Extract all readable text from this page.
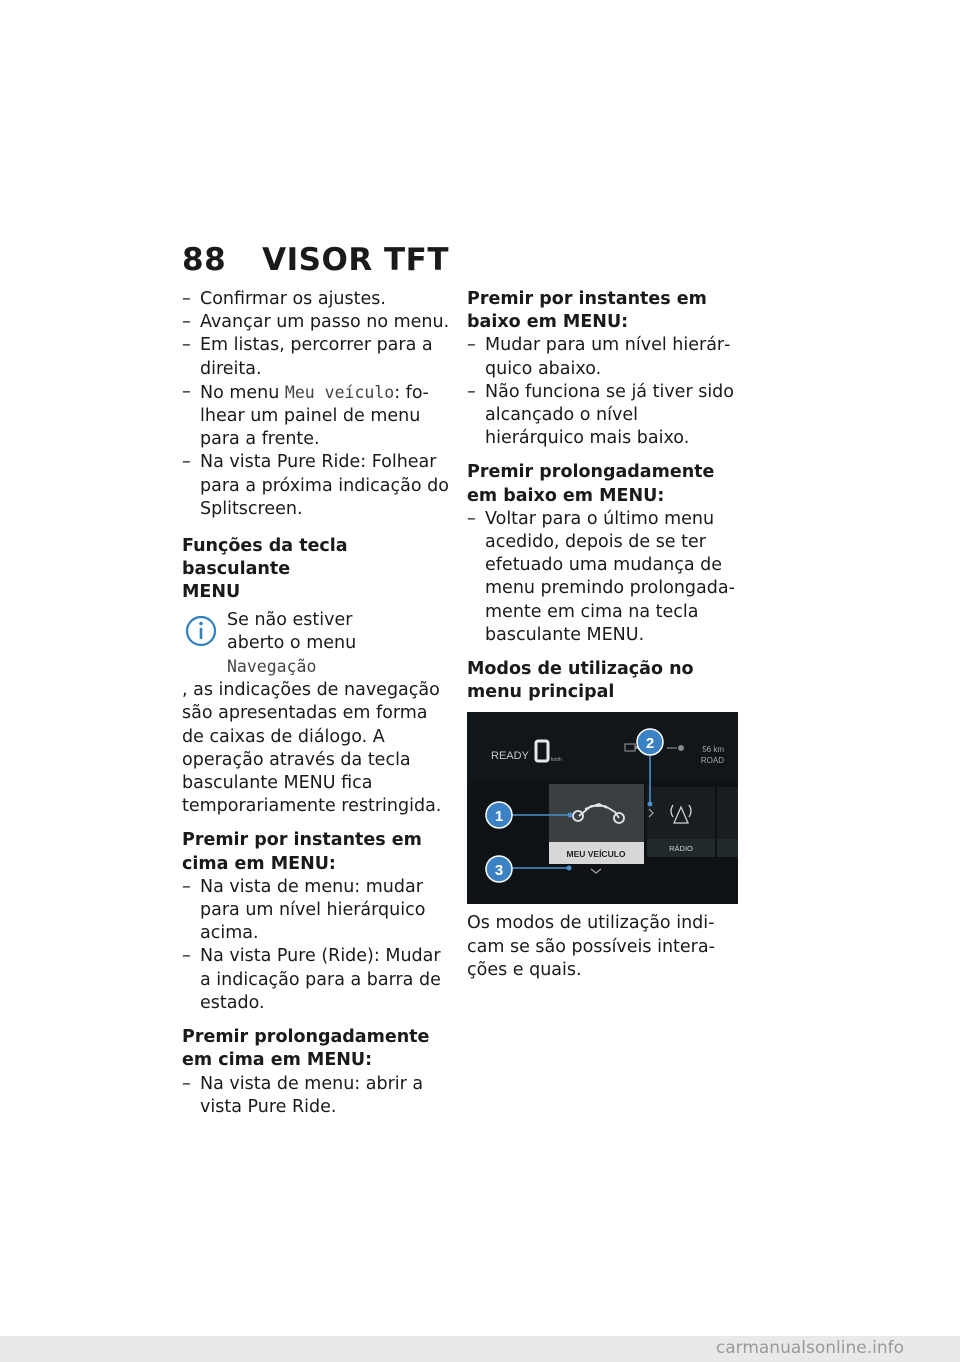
88 VISOR TFT
– Confirmar os ajustes.
– Avançar um passo no menu.
– Em listas, percorrer para a direita.
– No menu Meu veículo: folhear um painel de menu para a frente.
– Na vista Pure Ride: Folhear para a próxima indicação do Splitscreen.
Funções da tecla basculante MENU
Se não estiver aberto o menu Navegação
, as indicações de navegação são apresentadas em forma de caixas de diálogo. A operação através da tecla basculante MENU fica temporariamente restringida.
Premir por instantes em cima em MENU:
– Na vista de menu: mudar para um nível hierárquico acima.
– Na vista Pure (Ride): Mudar a indicação para a barra de estado.
Premir prolongadamente em cima em MENU:
– Na vista de menu: abrir a vista Pure Ride.
Premir por instantes em baixo em MENU:
– Mudar para um nível hierárquico abaixo.
– Não funciona se já tiver sido alcançado o nível hierárquico mais baixo.
Premir prolongadamente em baixo em MENU:
– Voltar para o último menu acedido, depois de se ter efetuado uma mudança de menu premindo prolongadamente em cima na tecla basculante MENU.
Modos de utilização no menu principal
READY	km/h
56 km
ROAD
MEU VEÍCULO
RÁDIO
1
2
3
Os modos de utilização indicam se são possíveis interações e quais.
carmanualsonline.info
